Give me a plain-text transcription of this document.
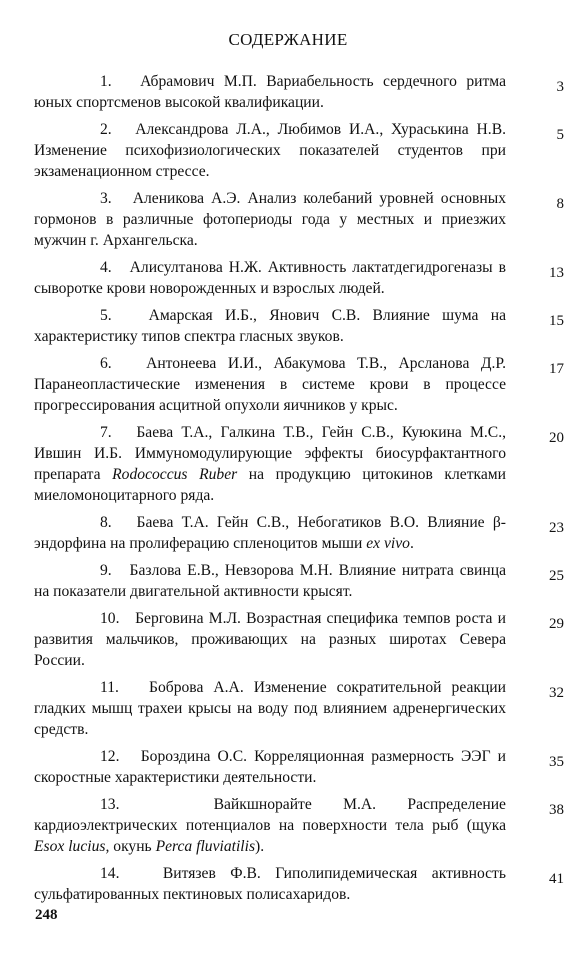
СОДЕРЖАНИЕ
1. Абрамович М.П. Вариабельность сердечного ритма юных спортсменов высокой квалификации.
3
2. Александрова Л.А., Любимов И.А., Хураськина Н.В. Изменение психофизиологических показателей студентов при экзаменационном стрессе.
5
3. Аленикова А.Э. Анализ колебаний уровней основных гормонов в различные фотопериоды года у местных и приезжих мужчин г. Архангельска.
8
4. Алисултанова Н.Ж. Активность лактатдегидрогеназы в сыворотке крови новорожденных и взрослых людей.
13
5. Амарская И.Б., Янович С.В. Влияние шума на характеристику типов спектра гласных звуков.
15
6. Антонеева И.И., Абакумова Т.В., Арсланова Д.Р. Паранеопластические изменения в системе крови в процессе прогрессирования асцитной опухоли яичников у крыс.
17
7. Баева Т.А., Галкина Т.В., Гейн С.В., Куюкина М.С., Ившин И.Б. Иммуномодулирующие эффекты биосурфактантного препарата Rodococcus Ruber на продукцию цитокинов клетками миеломоноцитарного ряда.
20
8. Баева Т.А. Гейн С.В., Небогатиков В.О. Влияние β-эндорфина на пролиферацию спленоцитов мыши ex vivo.
23
9. Базлова Е.В., Невзорова М.Н. Влияние нитрата свинца на показатели двигательной активности крысят.
25
10. Берговина М.Л. Возрастная специфика темпов роста и развития мальчиков, проживающих на разных широтах Севера России.
29
11. Боброва А.А. Изменение сократительной реакции гладких мышц трахеи крысы на воду под влиянием адренергических средств.
32
12. Бороздина О.С. Корреляционная размерность ЭЭГ и скоростные характеристики деятельности.
35
13.	Вайкшнорайте М.А. Распределение кардиоэлектрических потенциалов на поверхности тела рыб (щука Esox lucius, окунь Perca fluviatilis).
38
14.	Витязев Ф.В. Гиполипидемическая активность сульфатированных пектиновых полисахаридов.
41
248
